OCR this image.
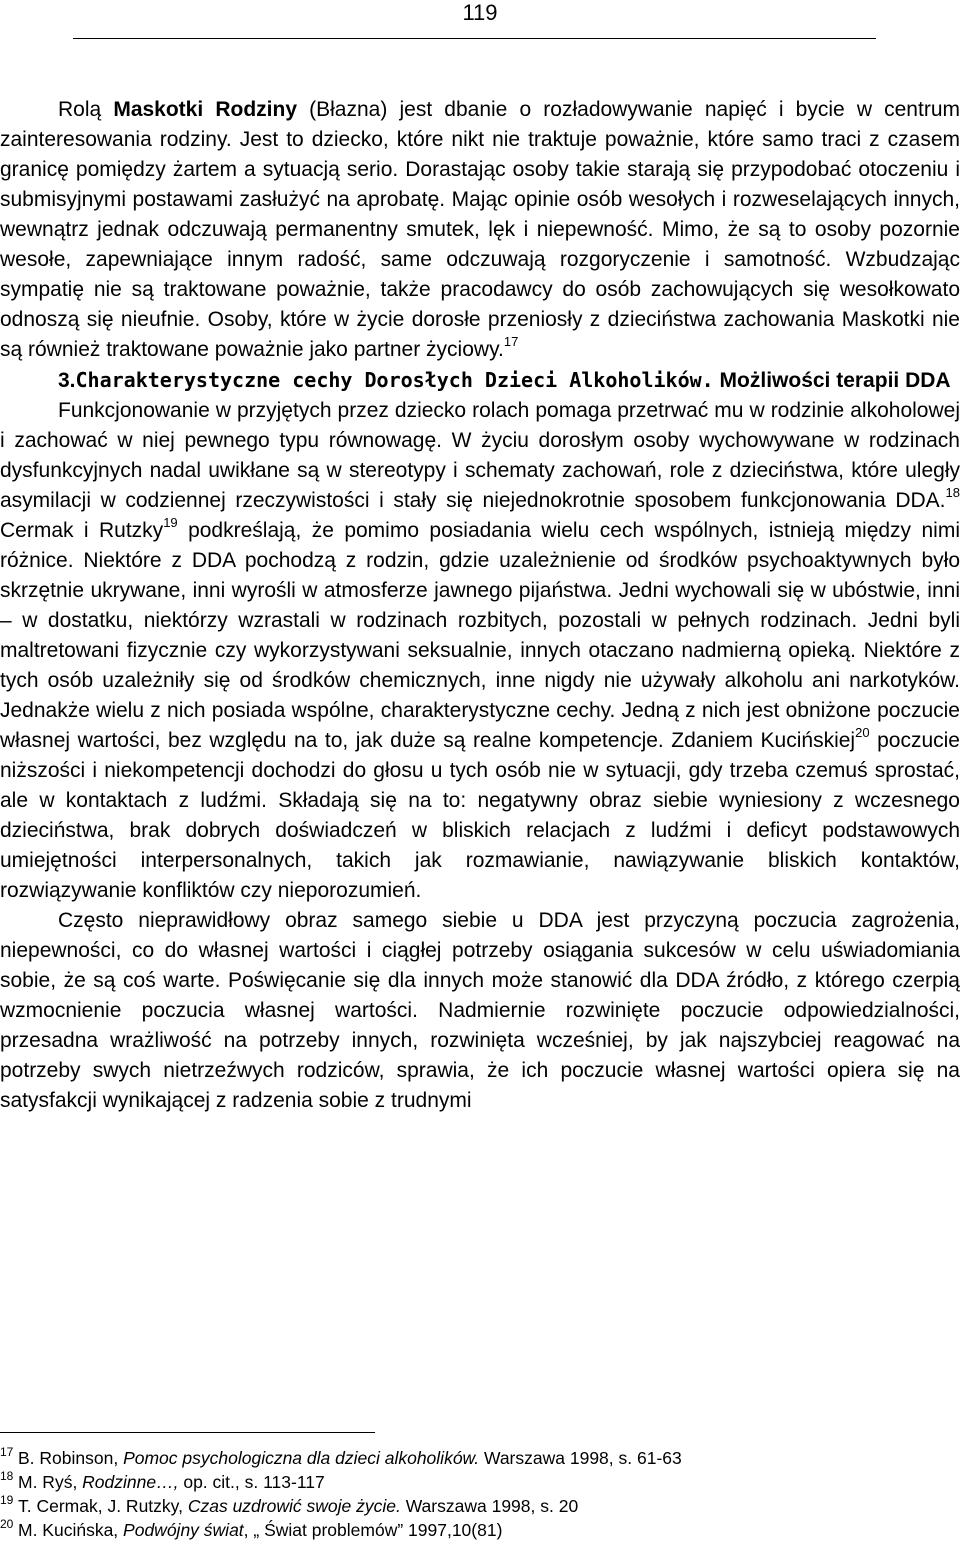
119

Rolą Maskotki Rodziny (Błazna) jest dbanie o rozładowywanie napięć i bycie w centrum zainteresowania rodziny. Jest to dziecko, które nikt nie traktuje poważnie, które samo traci z czasem granicę pomiędzy żartem a sytuacją serio. Dorastając osoby takie starają się przypodobać otoczeniu i submisyjnymi postawami zasłużyć na aprobatę. Mając opinie osób wesołych i rozweselających innych, wewnątrz jednak odczuwają permanentny smutek, lęk i niepewność. Mimo, że są to osoby pozornie wesołe, zapewniające innym radość, same odczuwają rozgoryczenie i samotność. Wzbudzając sympatię nie są traktowane poważnie, także pracodawcy do osób zachowujących się wesołkowato odnoszą się nieufnie. Osoby, które w życie dorosłe przeniosły z dzieciństwa zachowania Maskotki nie są również traktowane poważnie jako partner życiowy.$^{17}$

3.Charakterystyczne cechy Dorosłych Dzieci Alkoholików. Możliwości terapii DDA

Funkcjonowanie w przyjętych przez dziecko rolach pomaga przetrwać mu w rodzinie alkoholowej i zachować w niej pewnego typu równowagę. W życiu dorosłym osoby wychowywane w rodzinach dysfunkcyjnych nadal uwikłane są w stereotypy i schematy zachowań, role z dzieciństwa, które uległy asymilacji w codziennej rzeczywistości i stały się niejednokrotnie sposobem funkcjonowania DDA.$^{18}$ Cermak i Rutzky$^{19}$ podkreślają, że pomimo posiadania wielu cech wspólnych, istnieją między nimi różnice. Niektóre z DDA pochodzą z rodzin, gdzie uzależnienie od środków psychoaktywnych było skrzętnie ukrywane, inni wyrośli w atmosferze jawnego pijaństwa. Jedni wychowali się w ubóstwie, inni – w dostatku, niektórzy wzrastali w rodzinach rozbitych, pozostali w pełnych rodzinach. Jedni byli maltretowani fizycznie czy wykorzystywani seksualnie, innych otaczano nadmierną opieką. Niektóre z tych osób uzależniły się od środków chemicznych, inne nigdy nie używały alkoholu ani narkotyków. Jednakże wielu z nich posiada wspólne, charakterystyczne cechy. Jedną z nich jest obniżone poczucie własnej wartości, bez względu na to, jak duże są realne kompetencje. Zdaniem Kucińskiej$^{20}$ poczucie niższości i niekompetencji dochodzi do głosu u tych osób nie w sytuacji, gdy trzeba czemuś sprostać, ale w kontaktach z ludźmi. Składają się na to: negatywny obraz siebie wyniesiony z wczesnego dzieciństwa, brak dobrych doświadczeń w bliskich relacjach z ludźmi i deficyt podstawowych umiejętności interpersonalnych, takich jak rozmawianie, nawiązywanie bliskich kontaktów, rozwiązywanie konfliktów czy nieporozumień.

Często nieprawidłowy obraz samego siebie u DDA jest przyczyną poczucia zagrożenia, niepewności, co do własnej wartości i ciągłej potrzeby osiągania sukcesów w celu uświadomiania sobie, że są coś warte. Poświęcanie się dla innych może stanowić dla DDA źródło, z którego czerpią wzmocnienie poczucia własnej wartości. Nadmiernie rozwinięte poczucie odpowiedzialności, przesadna wrażliwość na potrzeby innych, rozwinięta wcześniej, by jak najszybciej reagować na potrzeby swych nietrzeźwych rodziców, sprawia, że ich poczucie własnej wartości opiera się na satysfakcji wynikającej z radzenia sobie z trudnymi

$^{17}$ B. Robinson, Pomoc psychologiczna dla dzieci alkoholików. Warszawa 1998, s. 61-63
$^{18}$ M. Ryś, Rodzinne…, op. cit., s. 113-117
$^{19}$ T. Cermak, J. Rutzky, Czas uzdrowić swoje życie. Warszawa 1998, s. 20
$^{20}$ M. Kucińska, Podwójny świat, „ Świat problemów” 1997,10(81)
